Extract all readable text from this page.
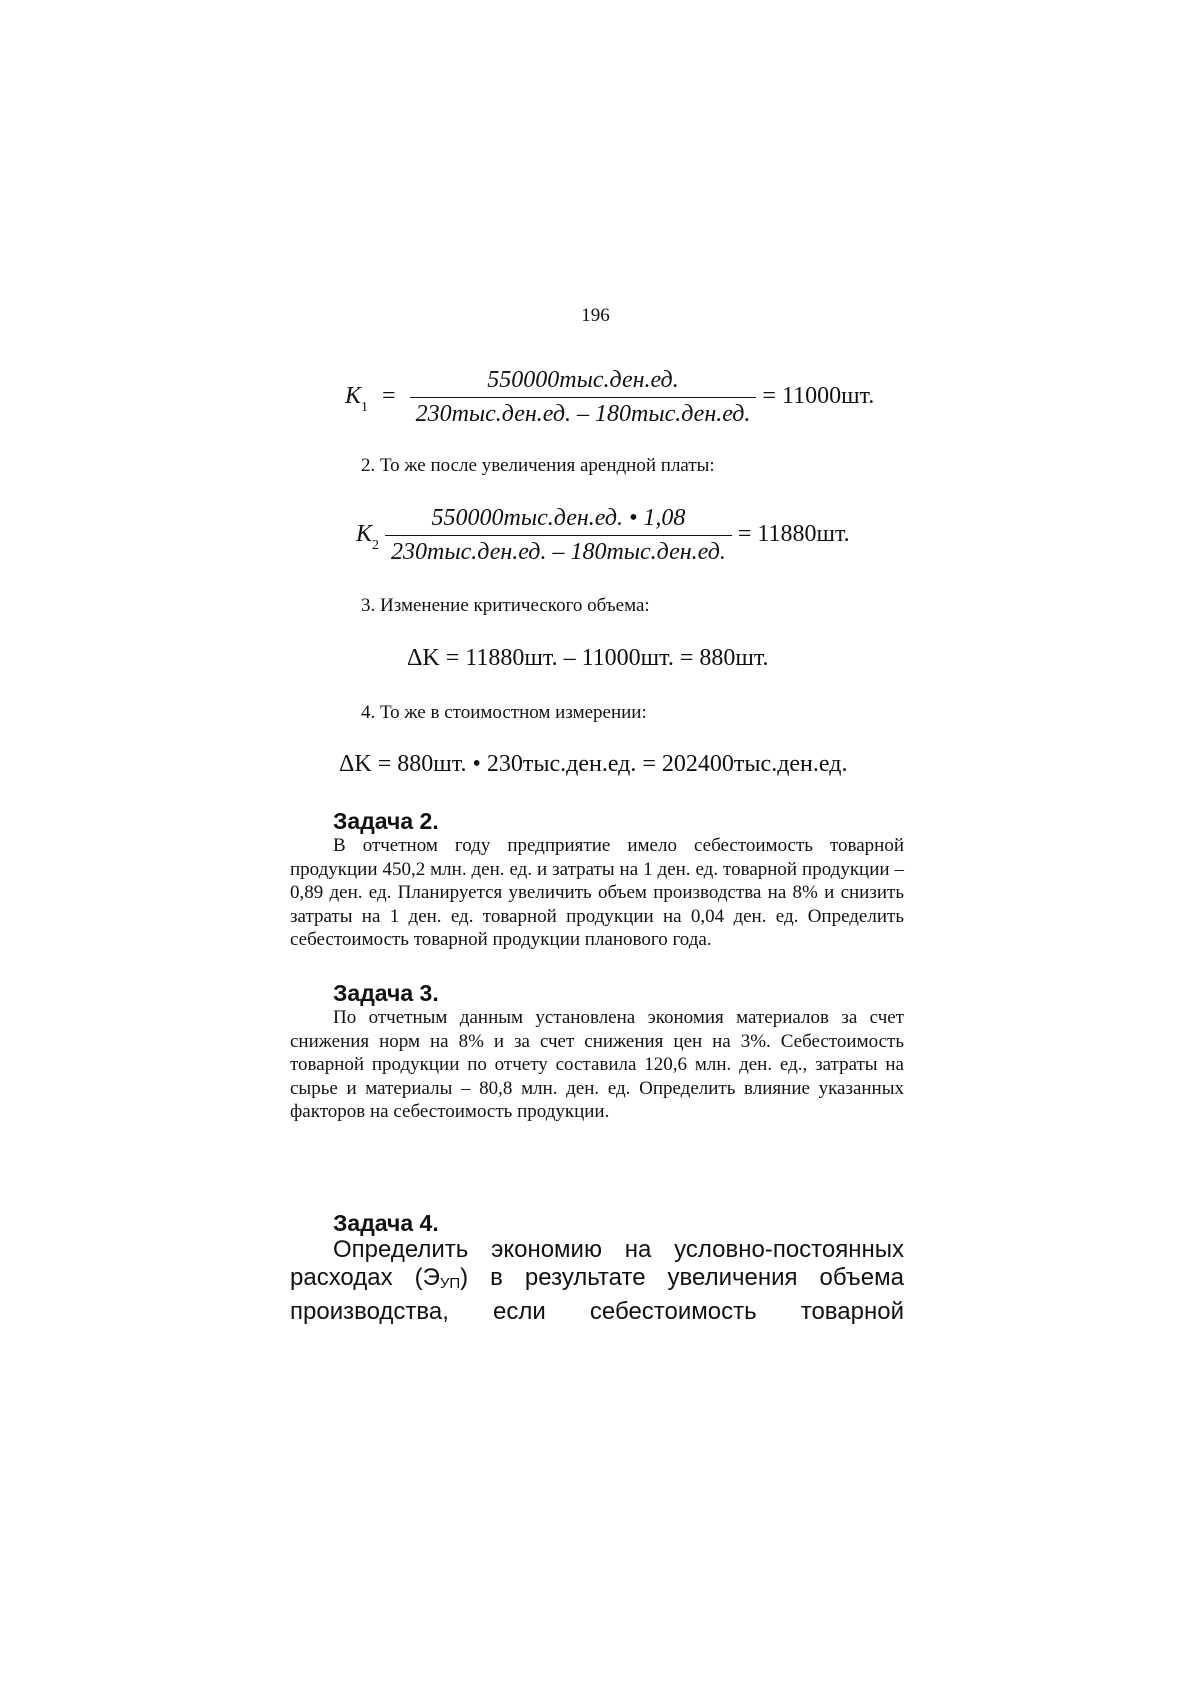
196
$K_1 = \frac{\text{550000тыс.ден.ед.}}{\text{230тыс.ден.ед. – 180тыс.ден.ед.}} = 11000шт$.
2. То же после увеличения арендной платы:
$K_2 \frac{\text{550000тыс.ден.ед. • 1,08}}{\text{230тыс.ден.ед. – 180тыс.ден.ед.}} = 11880шт$.
3. Изменение критического объема:
ΔK = 11880шт. – 11000шт. = 880шт.
4. То же в стоимостном измерении:
ΔK = 880шт. • 230тыс.ден.ед. = 202400тыс.ден.ед.
Задача 2.
В отчетном году предприятие имело себестоимость товарной продукции 450,2 млн. ден. ед. и затраты на 1 ден. ед. товарной продукции – 0,89 ден. ед. Планируется увеличить объем производства на 8% и снизить затраты на 1 ден. ед. товарной продукции на 0,04 ден. ед. Определить себестоимость товарной продукции планового года.
Задача 3.
По отчетным данным установлена экономия материалов за счет снижения норм на 8% и за счет снижения цен на 3%. Себестоимость товарной продукции по отчету составила 120,6 млн. ден. ед., затраты на сырье и материалы – 80,8 млн. ден. ед. Определить влияние указанных факторов на себестоимость продукции.
Задача 4.
Определить экономию на условно-постоянных расходах (ЭУП) в результате увеличения объема производства, если себестоимость товарной
